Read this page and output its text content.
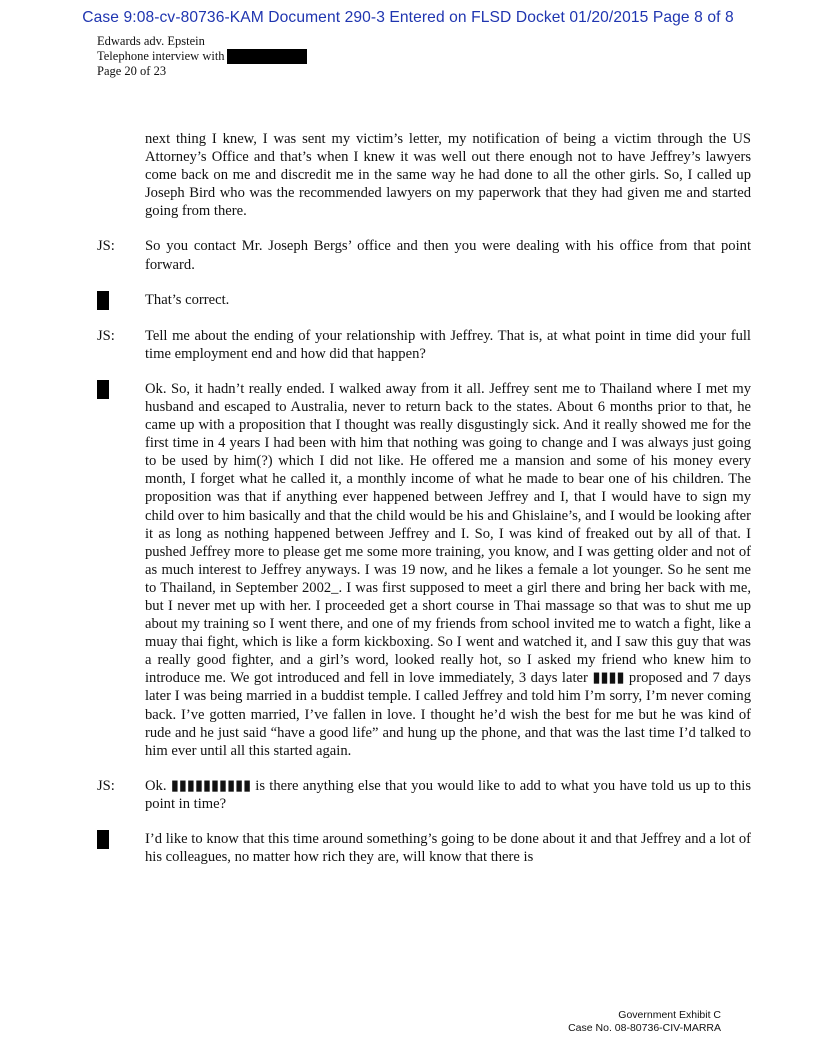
Case 9:08-cv-80736-KAM Document 290-3 Entered on FLSD Docket 01/20/2015 Page 8 of 8
Edwards adv. Epstein
Telephone interview with
Page 20 of 23
next thing I knew, I was sent my victim’s letter, my notification of being a victim through the US Attorney’s Office and that’s when I knew it was well out there enough not to have Jeffrey’s lawyers come back on me and discredit me in the same way he had done to all the other girls. So, I called up Joseph Bird who was the recommended lawyers on my paperwork that they had given me and started going from there.
JS:	So you contact Mr. Joseph Bergs’ office and then you were dealing with his office from that point forward.
That’s correct.
JS:	Tell me about the ending of your relationship with Jeffrey. That is, at what point in time did your full time employment end and how did that happen?
Ok. So, it hadn’t really ended. I walked away from it all. Jeffrey sent me to Thailand where I met my husband and escaped to Australia, never to return back to the states. About 6 months prior to that, he came up with a proposition that I thought was really disgustingly sick. And it really showed me for the first time in 4 years I had been with him that nothing was going to change and I was always just going to be used by him(?) which I did not like. He offered me a mansion and some of his money every month, I forget what he called it, a monthly income of what he made to bear one of his children. The proposition was that if anything ever happened between Jeffrey and I, that I would have to sign my child over to him basically and that the child would be his and Ghislaine’s, and I would be looking after it as long as nothing happened between Jeffrey and I. So, I was kind of freaked out by all of that. I pushed Jeffrey more to please get me some more training, you know, and I was getting older and not of as much interest to Jeffrey anyways. I was 19 now, and he likes a female a lot younger. So he sent me to Thailand, in September 2002_. I was first supposed to meet a girl there and bring her back with me, but I never met up with her. I proceeded get a short course in Thai massage so that was to shut me up about my training so I went there, and one of my friends from school invited me to watch a fight, like a muay thai fight, which is like a form kickboxing. So I went and watched it, and I saw this guy that was a really good fighter, and a girl’s word, looked really hot, so I asked my friend who knew him to introduce me. We got introduced and fell in love immediately, 3 days later ▮▮▮▮ proposed and 7 days later I was being married in a buddist temple. I called Jeffrey and told him I’m sorry, I’m never coming back. I’ve gotten married, I’ve fallen in love. I thought he’d wish the best for me but he was kind of rude and he just said “have a good life” and hung up the phone, and that was the last time I’d talked to him ever until all this started again.
JS:	Ok. ▮▮▮▮▮▮▮▮▮▮ is there anything else that you would like to add to what you have told us up to this point in time?
I’d like to know that this time around something’s going to be done about it and that Jeffrey and a lot of his colleagues, no matter how rich they are, will know that there is
Government Exhibit C
Case No. 08-80736-CIV-MARRA
